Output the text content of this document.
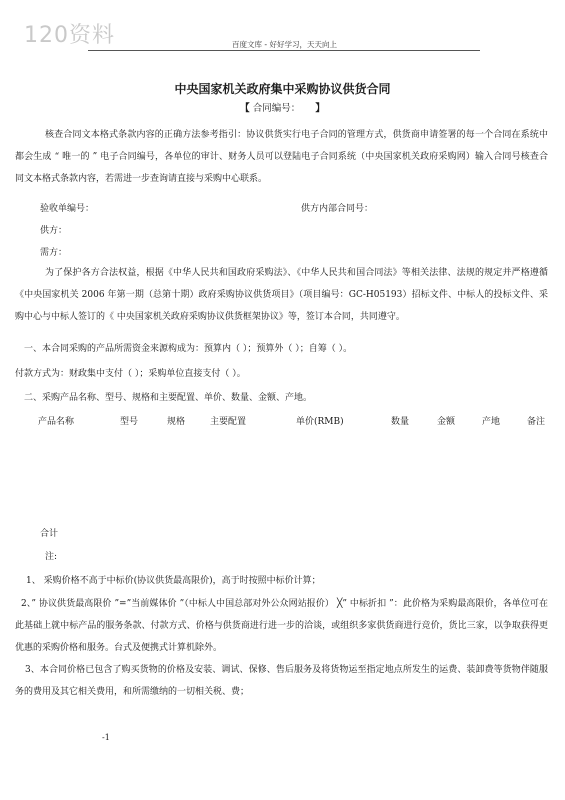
120资料	百度文库 - 好好学习，天天向上
中央国家机关政府集中采购协议供货合同
【 合同编号： 】
核查合同文本格式条款内容的正确方法参考指引：协议供货实行电子合同的管理方式，供货商申请签署的每一个合同在系统中都会生成 “ 唯一的 ” 电子合同编号，各单位的审计、财务人员可以登陆电子合同系统（中央国家机关政府采购网）输入合同号核查合同文本格式条款内容，若需进一步查询请直接与采购中心联系。
验收单编号：	供方内部合同号：
供方：
需方：
为了保护各方合法权益，根据《中华人民共和国政府采购法》、《中华人民共和国合同法》等相关法律、法规的规定并严格遵循《中央国家机关 2006 年第一期（总第十期）政府采购协议供货项目》（项目编号：GC-H05193）招标文件、中标人的投标文件、采购中心与中标人签订的《 中央国家机关政府采购协议供货框架协议》等，签订本合同，共同遵守。
一、本合同采购的产品所需资金来源构成为：预算内（ ）；预算外（ ）；自筹（ ）。
付款方式为：财政集中支付（ ）；采购单位直接支付（ ）。
二、采购产品名称、型号、规格和主要配置、单价、数量、金额、产地。
产品名称	型号	规格	主要配置	单价(RMB)	数量	金额	产地	备注
合计
注:
1、 采购价格不高于中标价(协议供货最高限价)，高于时按照中标价计算；
2、” 协议供货最高限价 ”=”当前媒体价 ”（中标人中国总部对外公众网站报价） ╳” 中标折扣 ”：此价格为采购最高限价，各单位可在此基础上就中标产品的服务条款、付款方式、价格与供货商进行进一步的洽谈，或组织多家供货商进行竞价，货比三家，以争取获得更优惠的采购价格和服务。台式及便携式计算机除外。
3、本合同价格已包含了购买货物的价格及安装、调试、保修、售后服务及将货物运至指定地点所发生的运费、装卸费等货物伴随服务的费用及其它相关费用，和所需缴纳的一切相关税、费；
-1
